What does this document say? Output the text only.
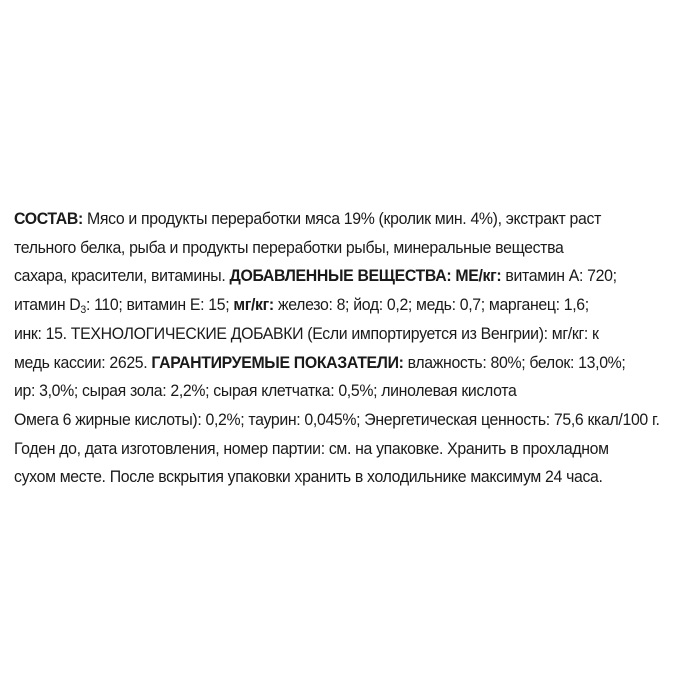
СОСТАВ: Мясо и продукты переработки мяса 19% (кролик мин. 4%), экстракт раст
тельного белка, рыба и продукты переработки рыбы, минеральные вещества
сахара, красители, витамины. ДОБАВЛЕННЫЕ ВЕЩЕСТВА: МЕ/кг: витамин А: 720;
итамин $D_3$: 110; витамин Е: 15; мг/кг: железо: 8; йод: 0,2; медь: 0,7; марганец: 1,6;
инк: 15. ТЕХНОЛОГИЧЕСКИЕ ДОБАВКИ (Если импортируется из Венгрии): мг/кг: к
медь кассии: 2625. ГАРАНТИРУЕМЫЕ ПОКАЗАТЕЛИ: влажность: 80%; белок: 13,0%;
ир: 3,0%; сырая зола: 2,2%; сырая клетчатка: 0,5%; линолевая кислота
Омега 6 жирные кислоты): 0,2%; таурин: 0,045%; Энергетическая ценность: 75,6 ккал/100 г.
Годен до, дата изготовления, номер партии: см. на упаковке. Хранить в прохладном
сухом месте. После вскрытия упаковки хранить в холодильнике максимум 24 часа.
